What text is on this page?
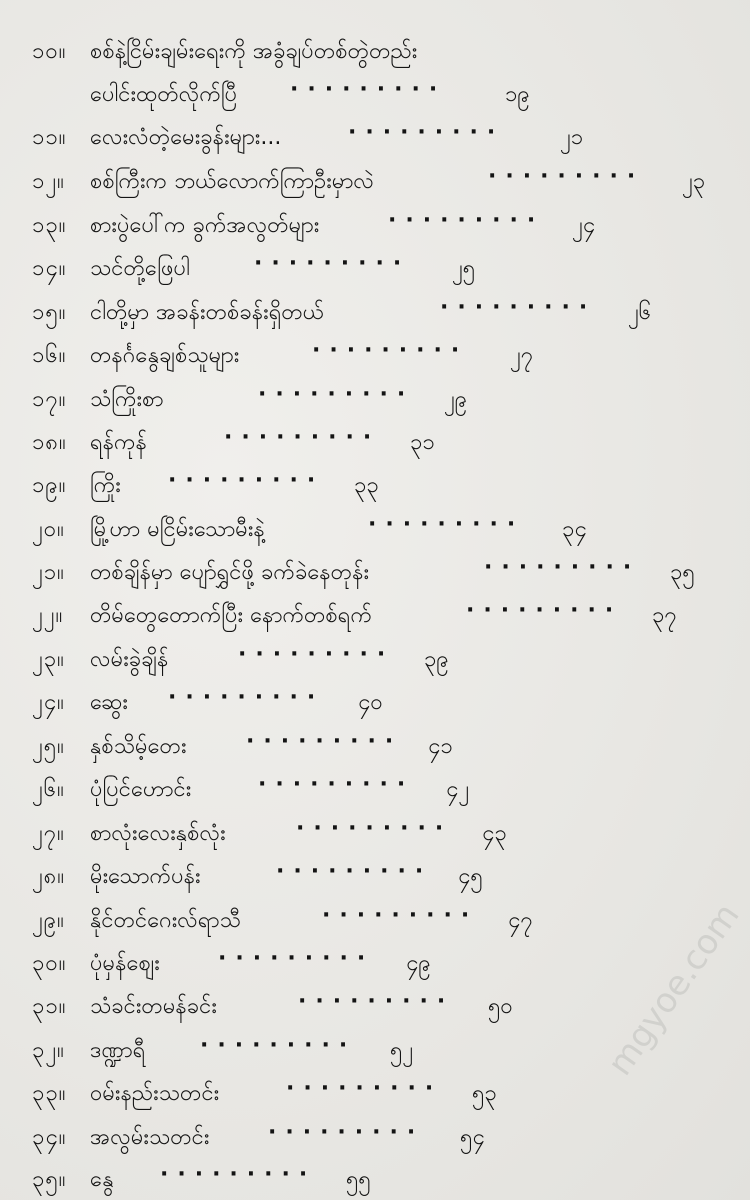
၁၀။ စစ်နဲ့ငြိမ်းချမ်းရေးကို အခွံချပ်တစ်တွဲတည်း
ပေါင်းထုတ်လိုက်ပြီ ·········	၁၉
၁၁။ လေးလံတဲ့မေးခွန်းများ...	·········	၂၁
၁၂။ စစ်ကြီးက ဘယ်လောက်ကြာဦးမှာလဲ	········· ၂၃
၁၃။ စားပွဲပေါ်က ခွက်အလွတ်များ	········· ၂၄
၁၄။ သင်တို့ဖြေပါ	········· ၂၅
၁၅။ ငါတို့မှာ အခန်းတစ်ခန်းရှိတယ်	········· ၂၆
၁၆။ တနင်္ဂနွေချစ်သူများ	········· ၂၇
၁၇။ သံကြိုးစာ	········· ၂၉
၁၈။ ရန်ကုန်	········· ၃၁
၁၉။ ကြိုး ········· ၃၃
၂၀။ မြို့ဟာ မငြိမ်းသောမီးနဲ့	········· ၃၄
၂၁။ တစ်ချိန်မှာ ပျော်ရွှင်ဖို့ ခက်ခဲနေတုန်း	········· ၃၅
၂၂။ တိမ်တွေတောက်ပြီး နောက်တစ်ရက်	········· ၃၇
၂၃။ လမ်းခွဲချိန်	········· ၃၉
၂၄။ ဆွေး ········· ၄၀
၂၅။ နှစ်သိမ့်တေး	········· ၄၁
၂၆။ ပုံပြင်ဟောင်း	········· ၄၂
၂၇။ စာလုံးလေးနှစ်လုံး	········· ၄၃
၂၈။ မိုးသောက်ပန်း	········· ၄၅
၂၉။ နိုင်တင်ဂေးလ်ရာသီ	········· ၄၇
၃၀။ ပုံမှန်စျေး	········· ၄၉
၃၁။ သံခင်းတမန်ခင်း	········· ၅၀
၃၂။ ဒဏ္ဍာရီ ········· ၅၂
၃၃။ ဝမ်းနည်းသတင်း	········· ၅၃
၃၄။ အလွမ်းသတင်း	········· ၅၄
၃၅။ နွေ ········· ၅၅
mgyoe.com
